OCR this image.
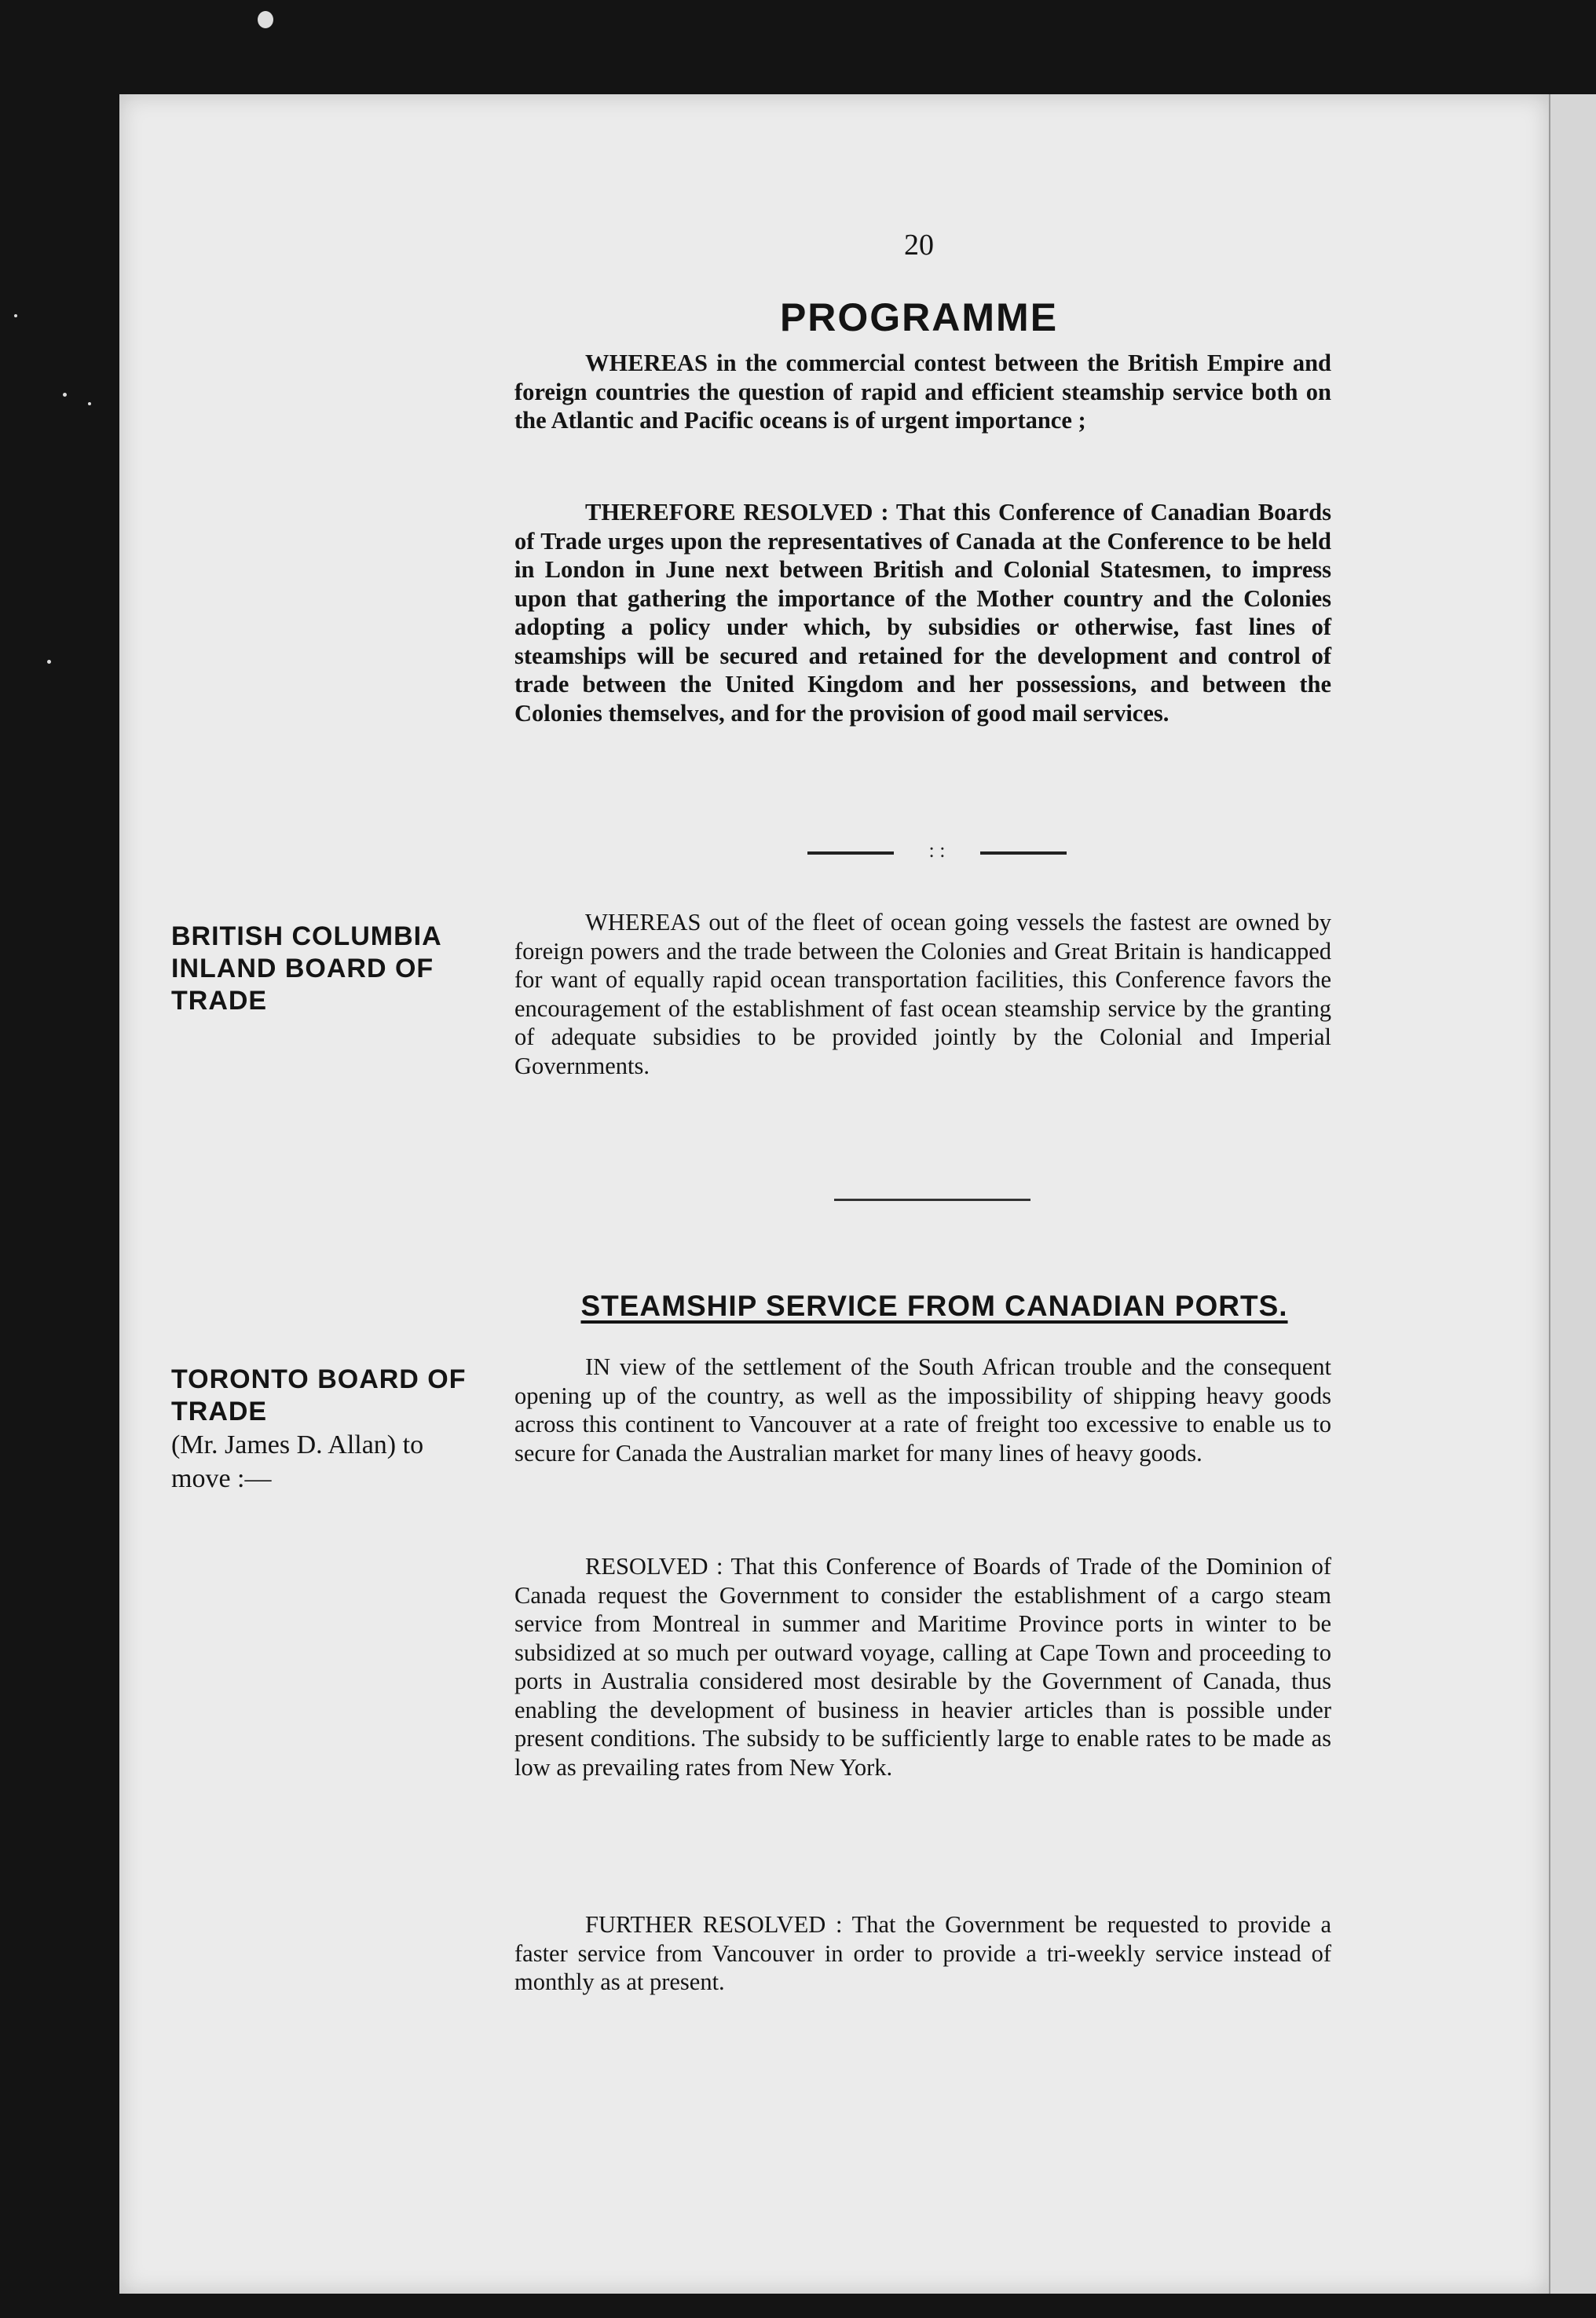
20

PROGRAMME

WHEREAS in the commercial contest between the British Empire and foreign countries the question of rapid and efficient steamship service both on the Atlantic and Pacific oceans is of urgent importance ;

THEREFORE RESOLVED : That this Conference of Canadian Boards of Trade urges upon the representatives of Canada at the Conference to be held in London in June next between British and Colonial Statesmen, to impress upon that gathering the importance of the Mother country and the Colonies adopting a policy under which, by subsidies or otherwise, fast lines of steamships will be secured and retained for the development and control of trade between the United Kingdom and her possessions, and between the Colonies themselves, and for the provision of good mail services.

: :
BRITISH COLUMBIA
INLAND BOARD OF
TRADE

WHEREAS out of the fleet of ocean going vessels the fastest are owned by foreign powers and the trade between the Colonies and Great Britain is handicapped for want of equally rapid ocean transportation facilities, this Conference favors the encouragement of the establishment of fast ocean steamship service by the granting of adequate subsidies to be provided jointly by the Colonial and Imperial Governments.

STEAMSHIP SERVICE FROM CANADIAN PORTS.
TORONTO BOARD OF
TRADE
(Mr. James D. Allan) to
move :—

IN view of the settlement of the South African trouble and the consequent opening up of the country, as well as the impossibility of shipping heavy goods across this continent to Vancouver at a rate of freight too excessive to enable us to secure for Canada the Australian market for many lines of heavy goods.

RESOLVED : That this Conference of Boards of Trade of the Dominion of Canada request the Government to consider the establishment of a cargo steam service from Montreal in summer and Maritime Province ports in winter to be subsidized at so much per outward voyage, calling at Cape Town and proceeding to ports in Australia considered most desirable by the Government of Canada, thus enabling the development of business in heavier articles than is possible under present conditions. The subsidy to be sufficiently large to enable rates to be made as low as prevailing rates from New York.

FURTHER RESOLVED : That the Government be requested to provide a faster service from Vancouver in order to provide a tri-weekly service instead of monthly as at present.
